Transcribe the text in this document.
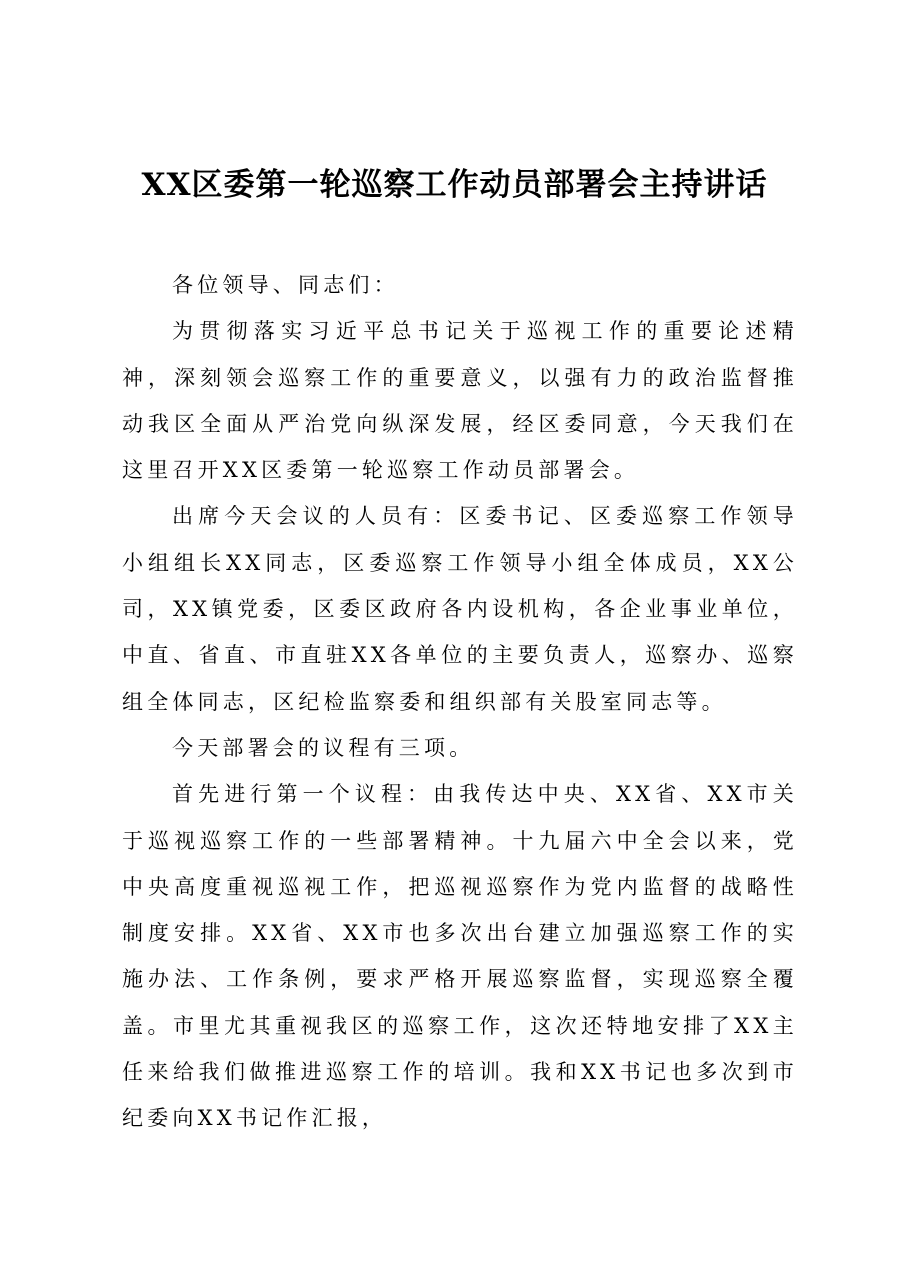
XX区委第一轮巡察工作动员部署会主持讲话

各位领导、同志们：

为贯彻落实习近平总书记关于巡视工作的重要论述精神，深刻领会巡察工作的重要意义，以强有力的政治监督推动我区全面从严治党向纵深发展，经区委同意，今天我们在这里召开XX区委第一轮巡察工作动员部署会。

出席今天会议的人员有：区委书记、区委巡察工作领导小组组长XX同志，区委巡察工作领导小组全体成员，XX公司，XX镇党委，区委区政府各内设机构，各企业事业单位，中直、省直、市直驻XX各单位的主要负责人，巡察办、巡察组全体同志，区纪检监察委和组织部有关股室同志等。

今天部署会的议程有三项。

首先进行第一个议程：由我传达中央、XX省、XX市关于巡视巡察工作的一些部署精神。十九届六中全会以来，党中央高度重视巡视工作，把巡视巡察作为党内监督的战略性制度安排。XX省、XX市也多次出台建立加强巡察工作的实施办法、工作条例，要求严格开展巡察监督，实现巡察全覆盖。市里尤其重视我区的巡察工作，这次还特地安排了XX主任来给我们做推进巡察工作的培训。我和XX书记也多次到市纪委向XX书记作汇报，
